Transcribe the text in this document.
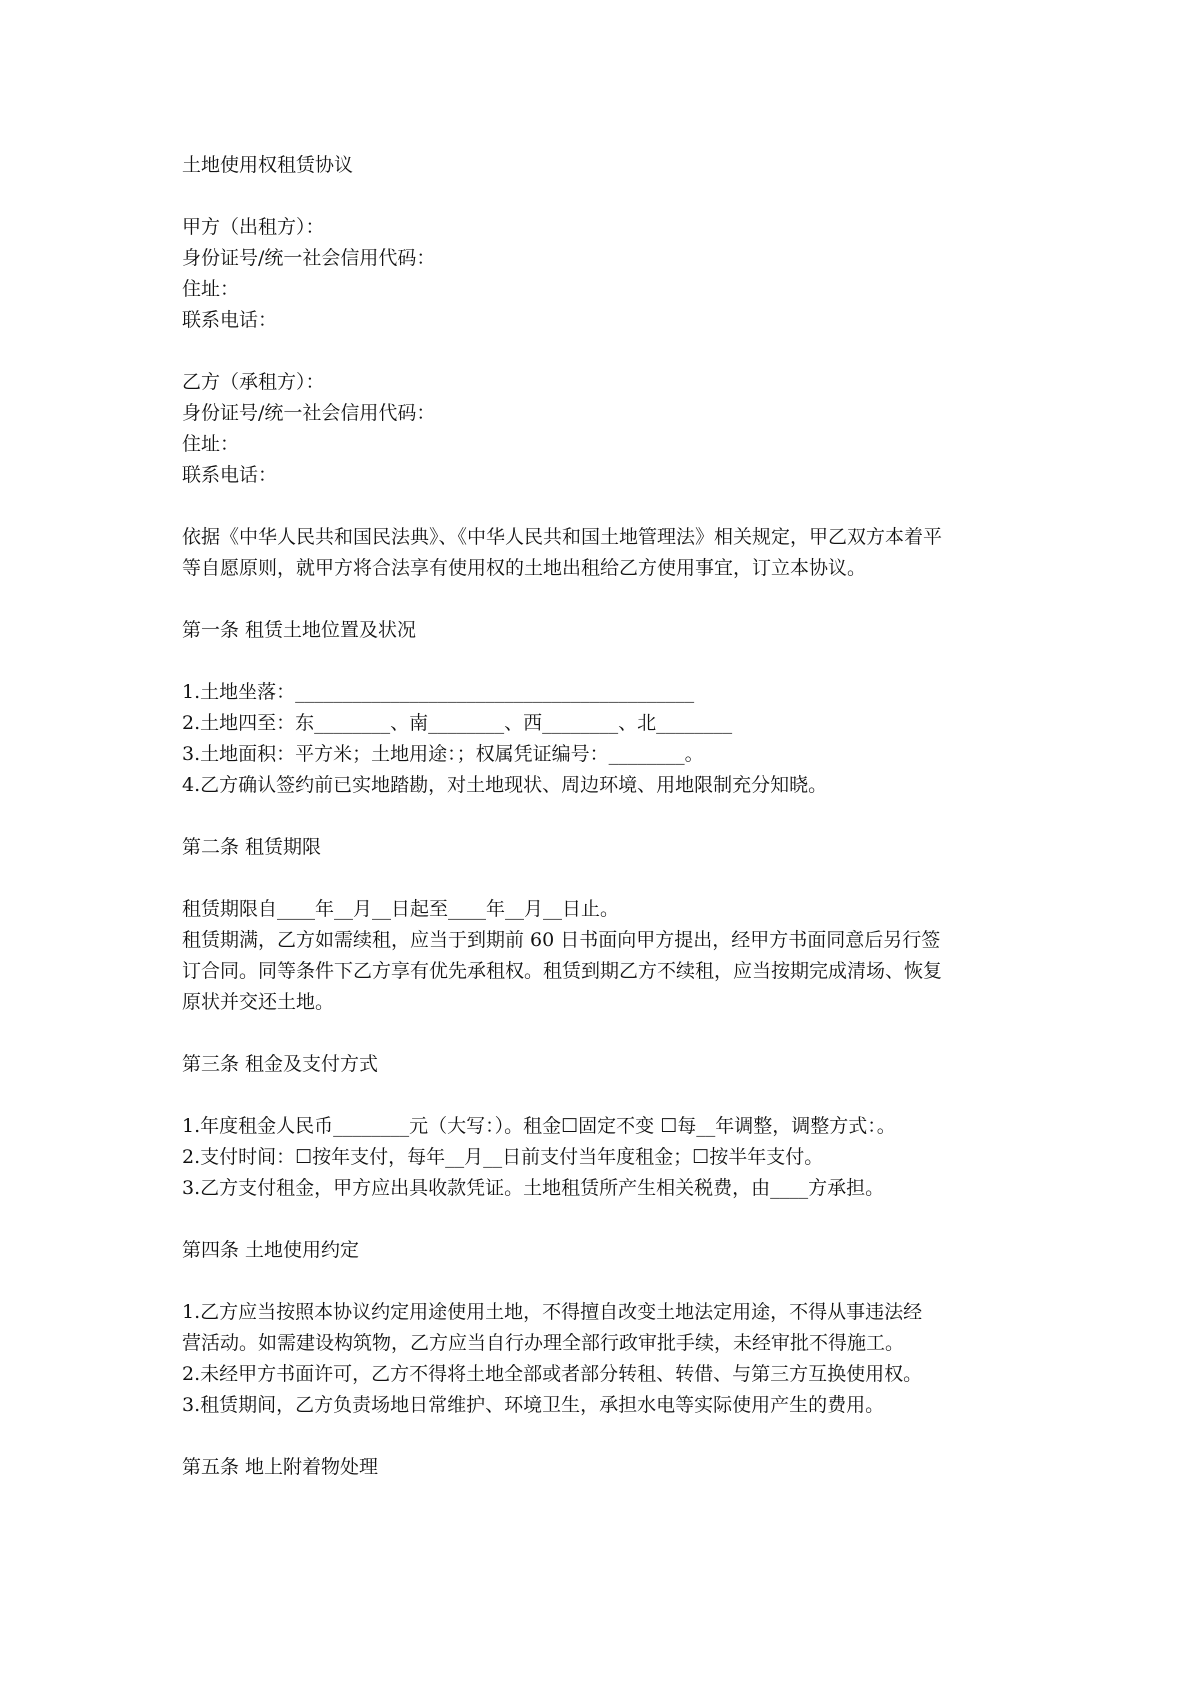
土地使用权租赁协议
甲方（出租方）：
身份证号/统一社会信用代码：
住址：
联系电话：
乙方（承租方）：
身份证号/统一社会信用代码：
住址：
联系电话：
依据《中华人民共和国民法典》、《中华人民共和国土地管理法》相关规定，甲乙双方本着平
等自愿原则，就甲方将合法享有使用权的土地出租给乙方使用事宜，订立本协议。
第一条 租赁土地位置及状况
1.土地坐落：__________________________________________
2.土地四至：东________、南________、西________、北________
3.土地面积：平方米；土地用途：；权属凭证编号：________。
4.乙方确认签约前已实地踏勘，对土地现状、周边环境、用地限制充分知晓。
第二条 租赁期限
租赁期限自____年__月__日起至____年__月__日止。
租赁期满，乙方如需续租，应当于到期前 60 日书面向甲方提出，经甲方书面同意后另行签
订合同。同等条件下乙方享有优先承租权。租赁到期乙方不续租，应当按期完成清场、恢复
原状并交还土地。
第三条 租金及支付方式
1.年度租金人民币________元（大写：）。租金☐固定不变 ☐每__年调整，调整方式：。
2.支付时间：☐按年支付，每年__月__日前支付当年度租金；☐按半年支付。
3.乙方支付租金，甲方应出具收款凭证。土地租赁所产生相关税费，由____方承担。
第四条 土地使用约定
1.乙方应当按照本协议约定用途使用土地，不得擅自改变土地法定用途，不得从事违法经
营活动。如需建设构筑物，乙方应当自行办理全部行政审批手续，未经审批不得施工。
2.未经甲方书面许可，乙方不得将土地全部或者部分转租、转借、与第三方互换使用权。
3.租赁期间，乙方负责场地日常维护、环境卫生，承担水电等实际使用产生的费用。
第五条 地上附着物处理
